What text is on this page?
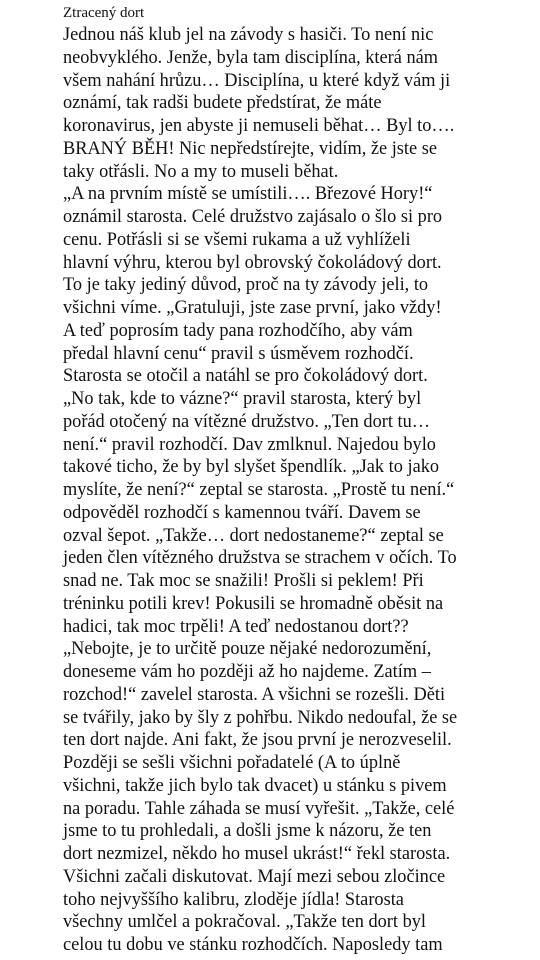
Ztracený dort
Jednou náš klub jel na závody s hasiči. To není nic
neobvyklého. Jenže, byla tam disciplína, která nám
všem nahání hrůzu… Disciplína, u které když vám ji
oznámí, tak radši budete předstírat, že máte
koronavirus, jen abyste ji nemuseli běhat… Byl to….
BRANÝ BĚH! Nic nepředstírejte, vidím, že jste se
taky otřásli. No a my to museli běhat.
„A na prvním místě se umístili…. Březové Hory!“
oznámil starosta. Celé družstvo zajásalo o šlo si pro
cenu. Potřásli si se všemi rukama a už vyhlíželi
hlavní výhru, kterou byl obrovský čokoládový dort.
To je taky jediný důvod, proč na ty závody jeli, to
všichni víme. „Gratuluji, jste zase první, jako vždy!
A teď poprosím tady pana rozhodčího, aby vám
předal hlavní cenu“ pravil s úsměvem rozhodčí.
Starosta se otočil a natáhl se pro čokoládový dort.
„No tak, kde to vázne?“ pravil starosta, který byl
pořád otočený na vítězné družstvo. „Ten dort tu…
není.“ pravil rozhodčí. Dav zmlknul. Najedou bylo
takové ticho, že by byl slyšet špendlík. „Jak to jako
myslíte, že není?“ zeptal se starosta. „Prostě tu není.“
odpověděl rozhodčí s kamennou tváří. Davem se
ozval šepot. „Takže… dort nedostaneme?“ zeptal se
jeden člen vítězného družstva se strachem v očích. To
snad ne. Tak moc se snažili! Prošli si peklem! Při
tréninku potili krev! Pokusili se hromadně oběsit na
hadici, tak moc trpěli! A teď nedostanou dort??
„Nebojte, je to určitě pouze nějaké nedorozumění,
doneseme vám ho později až ho najdeme. Zatím –
rozchod!“ zavelel starosta. A všichni se rozešli. Děti
se tvářily, jako by šly z pohřbu. Nikdo nedoufal, že se
ten dort najde. Ani fakt, že jsou první je nerozveselil.
Později se sešli všichni pořadatelé (A to úplně
všichni, takže jich bylo tak dvacet) u stánku s pivem
na poradu. Tahle záhada se musí vyřešit. „Takže, celé
jsme to tu prohledali, a došli jsme k názoru, že ten
dort nezmizel, někdo ho musel ukrást!“ řekl starosta.
Všichni začali diskutovat. Mají mezi sebou zločince
toho nejvyššího kalibru, zloděje jídla! Starosta
všechny umlčel a pokračoval. „Takže ten dort byl
celou tu dobu ve stánku rozhodčích. Naposledy tam
